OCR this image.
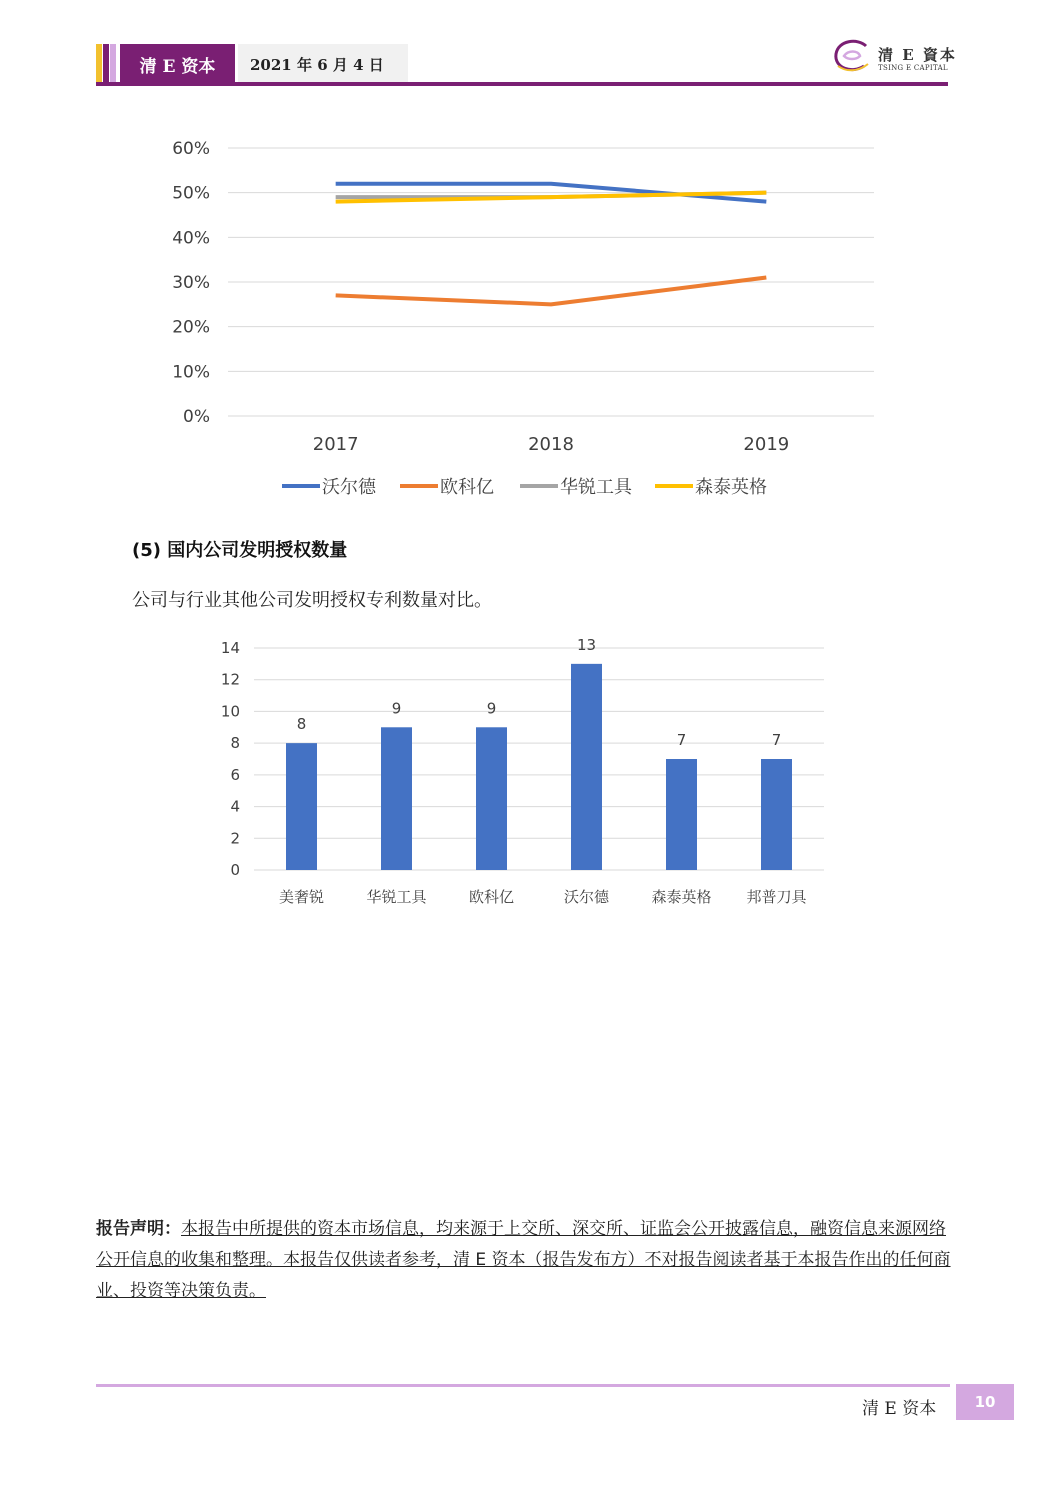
清 E 资本	2021 年 6 月 4 日
清 E 資本
TSING E CAPITAL
0%
10%
20%
30%
40%
50%
60%
2017	2018	2019
沃尔德	欧科亿	华锐工具	森泰英格
(5) 国内公司发明授权数量
公司与行业其他公司发明授权专利数量对比。
0
2
4
6
8
10
12
14
8
美奢锐
9
华锐工具
9
欧科亿
13
沃尔德
7
森泰英格
7
邦普刀具
报告声明：本报告中所提供的资本市场信息，均来源于上交所、深交所、证监会公开披露信息，融资信息来源网络公开信息的收集和整理。本报告仅供读者参考，清 E 资本（报告发布方）不对报告阅读者基于本报告作出的任何商业、投资等决策负责。
清 E 资本	10
